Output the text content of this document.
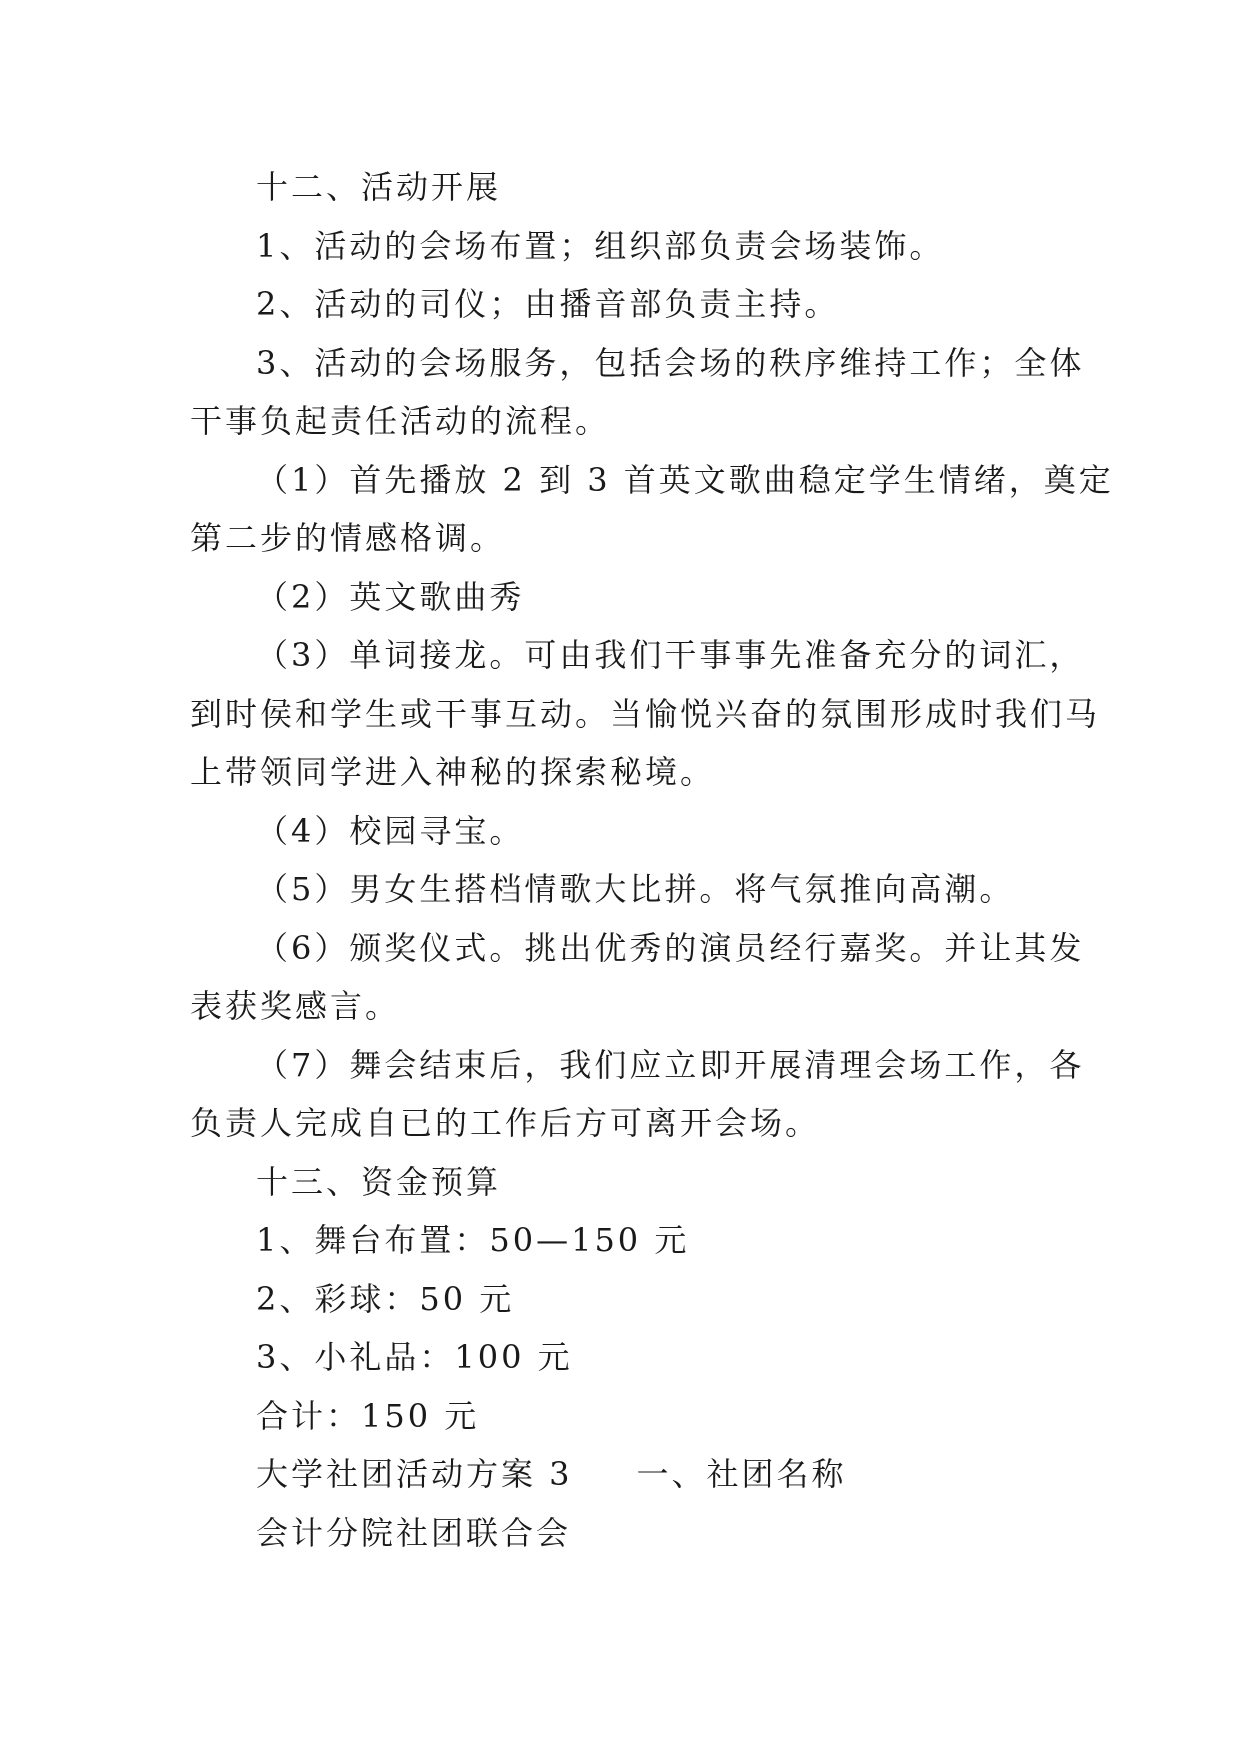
十二、活动开展

1、活动的会场布置；组织部负责会场装饰。

2、活动的司仪；由播音部负责主持。

3、活动的会场服务，包括会场的秩序维持工作；全体

干事负起责任活动的流程。

（1）首先播放 2 到 3 首英文歌曲稳定学生情绪，奠定

第二步的情感格调。

（2）英文歌曲秀

（3）单词接龙。可由我们干事事先准备充分的词汇，

到时侯和学生或干事互动。当愉悦兴奋的氛围形成时我们马

上带领同学进入神秘的探索秘境。

（4）校园寻宝。

（5）男女生搭档情歌大比拼。将气氛推向高潮。

（6）颁奖仪式。挑出优秀的演员经行嘉奖。并让其发

表获奖感言。

（7）舞会结束后，我们应立即开展清理会场工作，各

负责人完成自已的工作后方可离开会场。

十三、资金预算

1、舞台布置：50—150 元

2、彩球：50 元

3、小礼品：100 元

合计：150 元

大学社团活动方案 3 一、社团名称

会计分院社团联合会
